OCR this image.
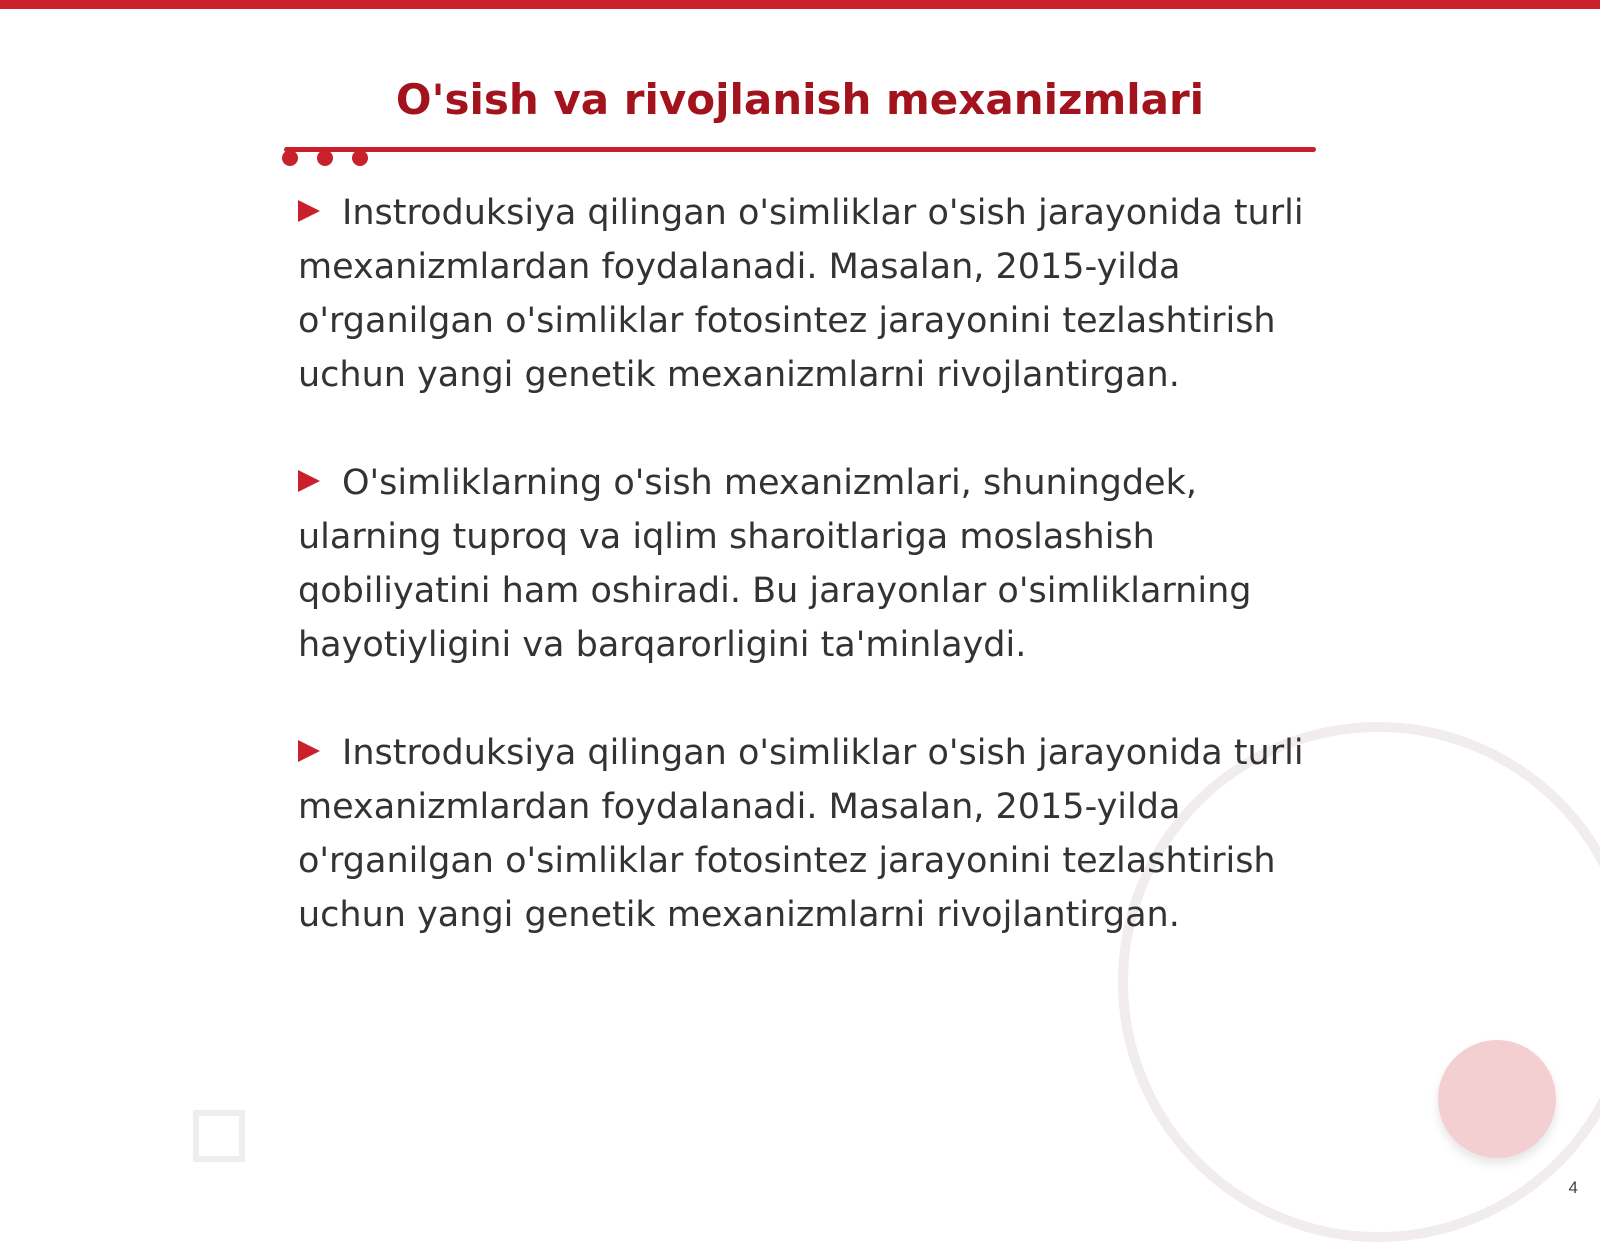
O'sish va rivojlanish mexanizmlari

Instroduksiya qilingan o'simliklar o'sish jarayonida turli mexanizmlardan foydalanadi. Masalan, 2015-yilda o'rganilgan o'simliklar fotosintez jarayonini tezlashtirish uchun yangi genetik mexanizmlarni rivojlantirgan.

O'simliklarning o'sish mexanizmlari, shuningdek, ularning tuproq va iqlim sharoitlariga moslashish qobiliyatini ham oshiradi. Bu jarayonlar o'simliklarning hayotiyligini va barqarorligini ta'minlaydi.

Instroduksiya qilingan o'simliklar o'sish jarayonida turli mexanizmlardan foydalanadi. Masalan, 2015-yilda o'rganilgan o'simliklar fotosintez jarayonini tezlashtirish uchun yangi genetik mexanizmlarni rivojlantirgan.

4
